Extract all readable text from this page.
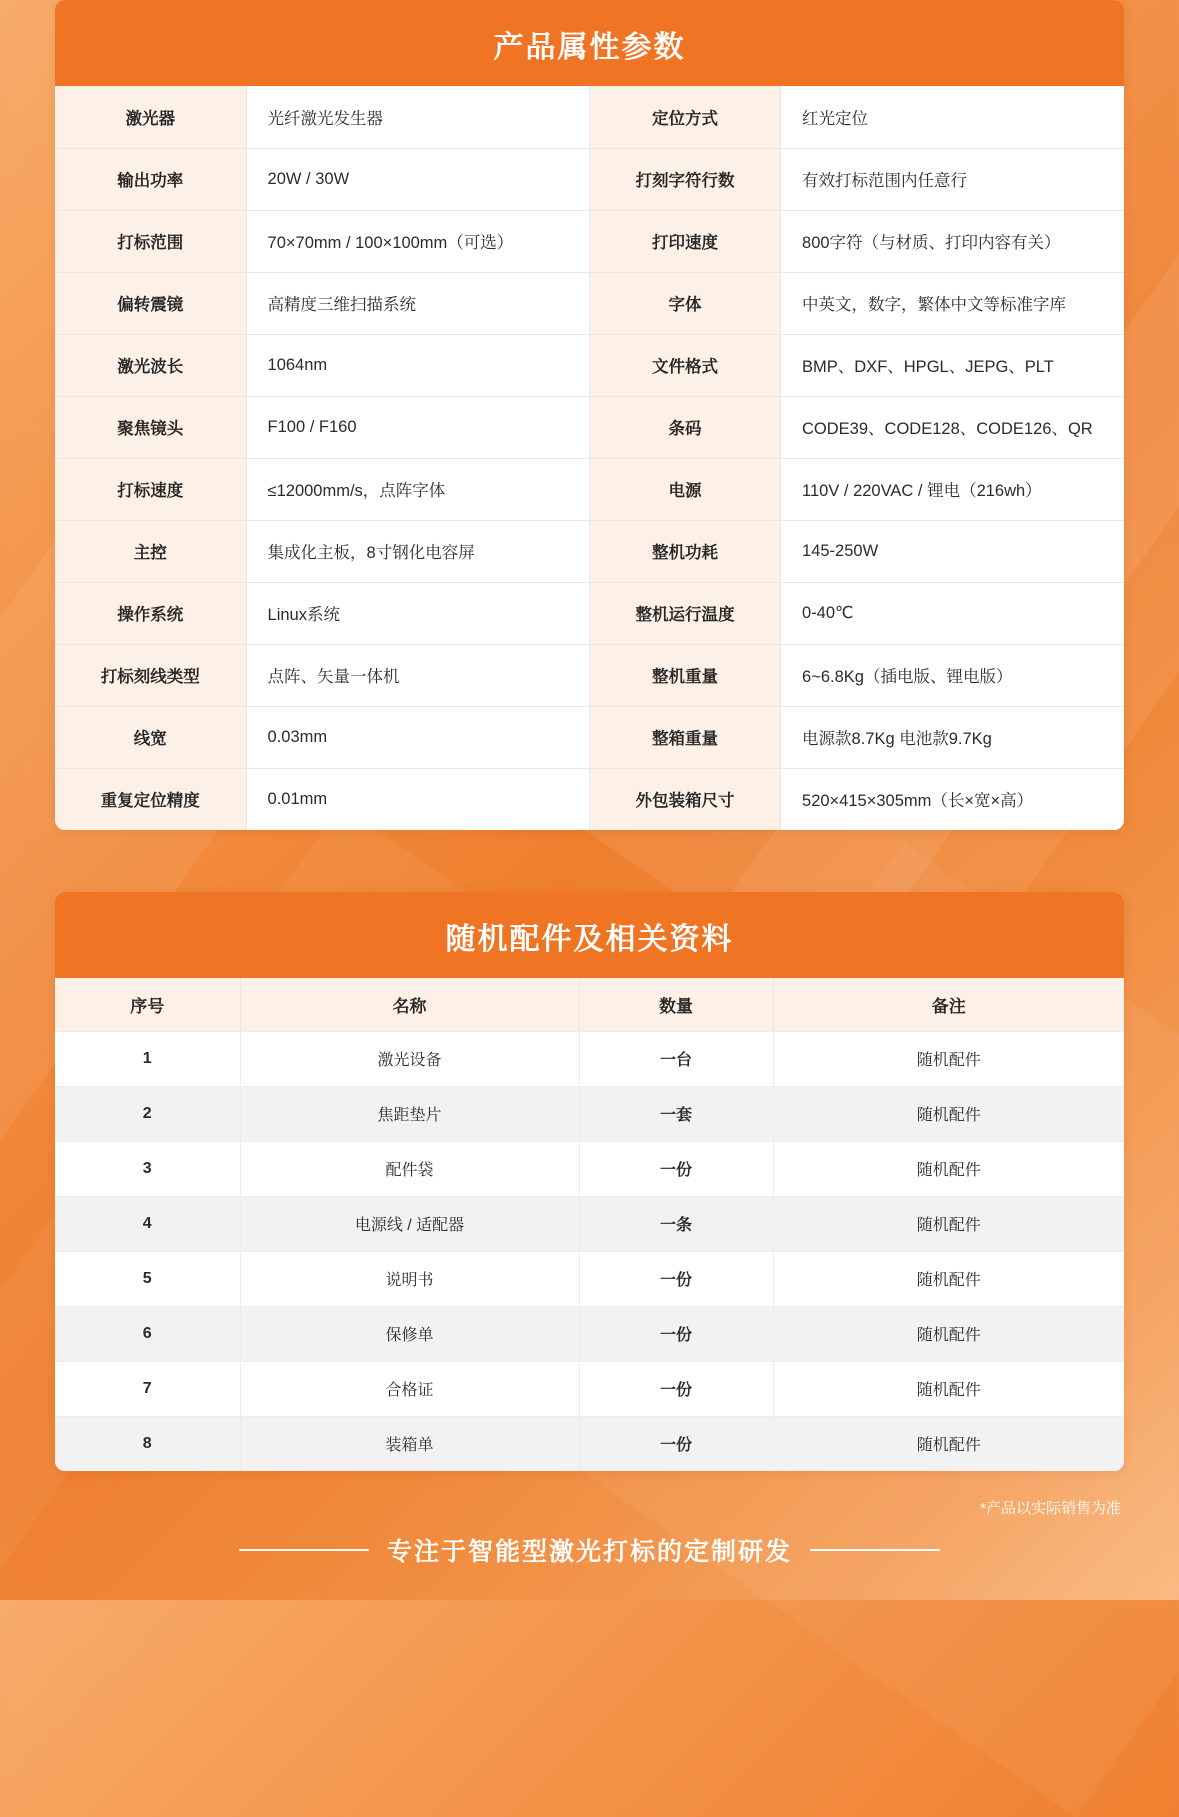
产品属性参数
激光器	光纤激光发生器	定位方式	红光定位
输出功率	20W / 30W	打刻字符行数	有效打标范围内任意行
打标范围	70×70mm / 100×100mm（可选）	打印速度	800字符（与材质、打印内容有关）
偏转震镜	高精度三维扫描系统	字体	中英文，数字，繁体中文等标准字库
激光波长	1064nm	文件格式	BMP、DXF、HPGL、JEPG、PLT
聚焦镜头	F100 / F160	条码	CODE39、CODE128、CODE126、QR
打标速度	≤12000mm/s，点阵字体	电源	110V / 220VAC / 锂电（216wh）
主控	集成化主板，8寸钢化电容屏	整机功耗	145-250W
操作系统	Linux系统	整机运行温度	0-40℃
打标刻线类型	点阵、矢量一体机	整机重量	6~6.8Kg（插电版、锂电版）
线宽	0.03mm	整箱重量	电源款8.7Kg 电池款9.7Kg
重复定位精度	0.01mm	外包装箱尺寸	520×415×305mm（长×宽×高）
随机配件及相关资料
序号	名称	数量	备注
1	激光设备	一台	随机配件
2	焦距垫片	一套	随机配件
3	配件袋	一份	随机配件
4	电源线 / 适配器	一条	随机配件
5	说明书	一份	随机配件
6	保修单	一份	随机配件
7	合格证	一份	随机配件
8	装箱单	一份	随机配件
*产品以实际销售为准
专注于智能型激光打标的定制研发
